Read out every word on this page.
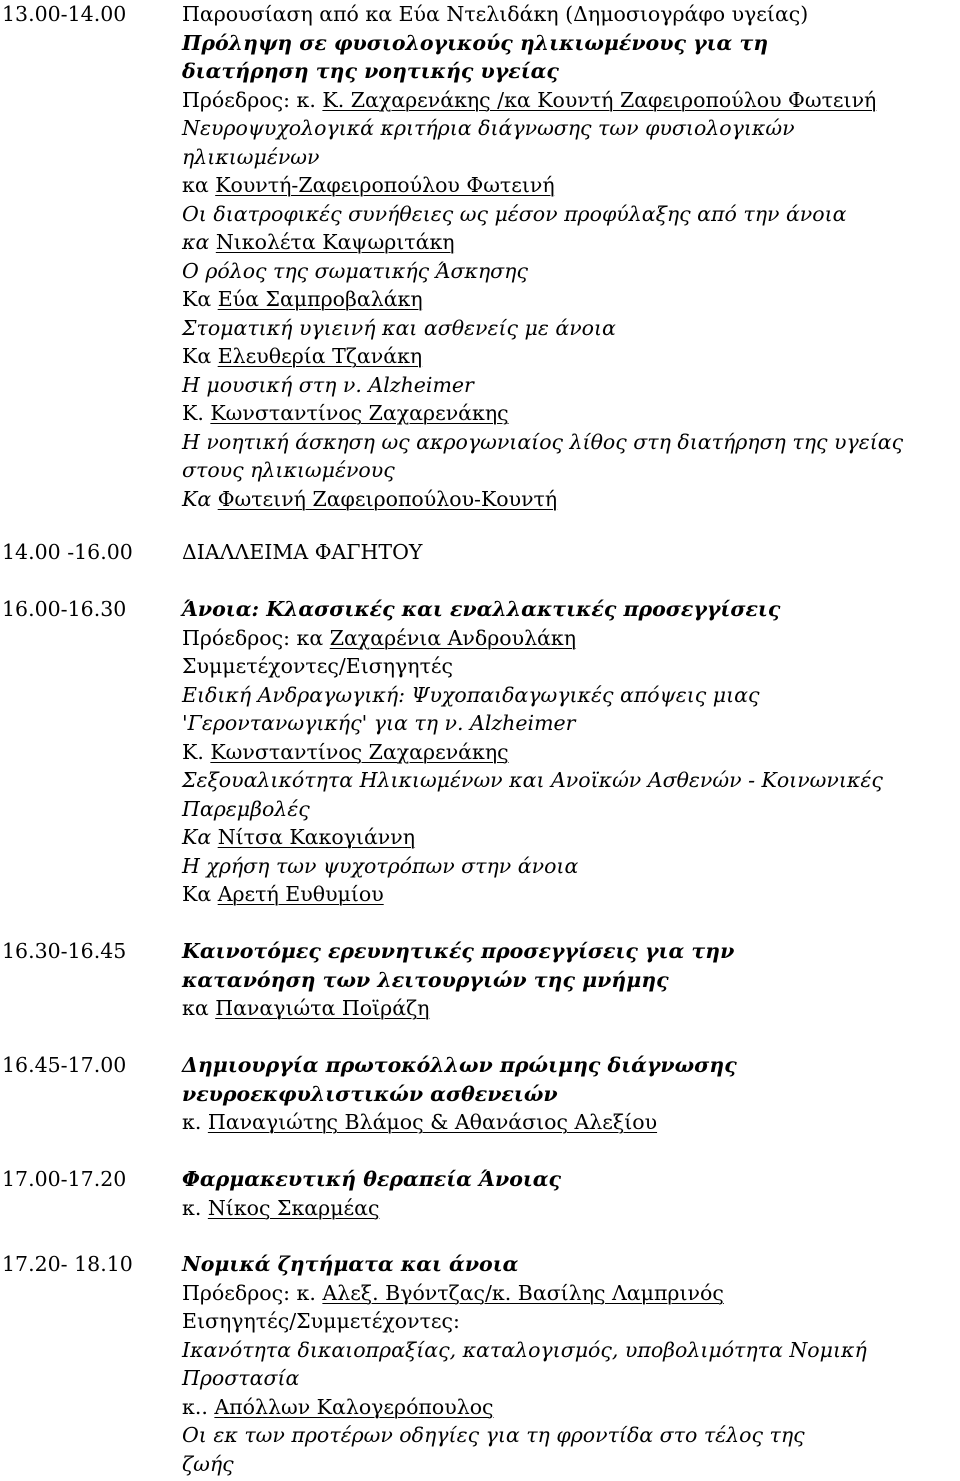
13.00-14.00	Παρουσίαση από κα Εύα Ντελιδάκη (Δημοσιογράφο υγείας)
Πρόληψη σε φυσιολογικούς ηλικιωμένους για τη
διατήρηση της νοητικής υγείας
Πρόεδρος: κ. Κ. Ζαχαρενάκης /κα Κουντή Ζαφειροπούλου Φωτεινή
Νευροψυχολογικά κριτήρια διάγνωσης των φυσιολογικών
ηλικιωμένων
κα Κουντή-Ζαφειροπούλου Φωτεινή
Οι διατροφικές συνήθειες ως μέσον προφύλαξης από την άνοια
κα Νικολέτα Καψωριτάκη
Ο ρόλος της σωματικής Άσκησης
Κα Εύα Σαμπροβαλάκη
Στοματική υγιεινή και ασθενείς με άνοια
Κα Ελευθερία Τζανάκη
Η μουσική στη ν. Alzheimer
Κ. Κωνσταντίνος Ζαχαρενάκης
Η νοητική άσκηση ως ακρογωνιαίος λίθος στη διατήρηση της υγείας
στους ηλικιωμένους
Κα Φωτεινή Ζαφειροπούλου-Κουντή
14.00 -16.00 ΔΙΑΛΛΕΙΜΑ ΦΑΓΗΤΟΥ
16.00-16.30	Άνοια: Κλασσικές και εναλλακτικές προσεγγίσεις
Πρόεδρος: κα Ζαχαρένια Ανδρουλάκη
Συμμετέχοντες/Εισηγητές
Ειδική Ανδραγωγική: Ψυχοπαιδαγωγικές απόψεις μιας
'Γεροντανωγικής' για τη ν. Alzheimer
Κ. Κωνσταντίνος Ζαχαρενάκης
Σεξουαλικότητα Ηλικιωμένων και Ανοϊκών Ασθενών - Κοινωνικές
Παρεμβολές
Κα Νίτσα Κακογιάννη
Η χρήση των ψυχοτρόπων στην άνοια
Κα Αρετή Ευθυμίου
16.30-16.45	Καινοτόμες ερευνητικές προσεγγίσεις για την
κατανόηση των λειτουργιών της μνήμης
κα Παναγιώτα Ποϊράζη
16.45-17.00	Δημιουργία πρωτοκόλλων πρώιμης διάγνωσης
νευροεκφυλιστικών ασθενειών
κ. Παναγιώτης Βλάμος & Αθανάσιος Αλεξίου
17.00-17.20	Φαρμακευτική θεραπεία Άνοιας
κ. Νίκος Σκαρμέας
17.20- 18.10 Νομικά ζητήματα και άνοια
Πρόεδρος: κ. Αλεξ. Βγόντζας/κ. Βασίλης Λαμπρινός
Εισηγητές/Συμμετέχοντες:
Ικανότητα δικαιοπραξίας, καταλογισμός, υποβολιμότητα Νομική
Προστασία
κ.. Απόλλων Καλογερόπουλος
Οι εκ των προτέρων οδηγίες για τη φροντίδα στο τέλος της
ζωής
